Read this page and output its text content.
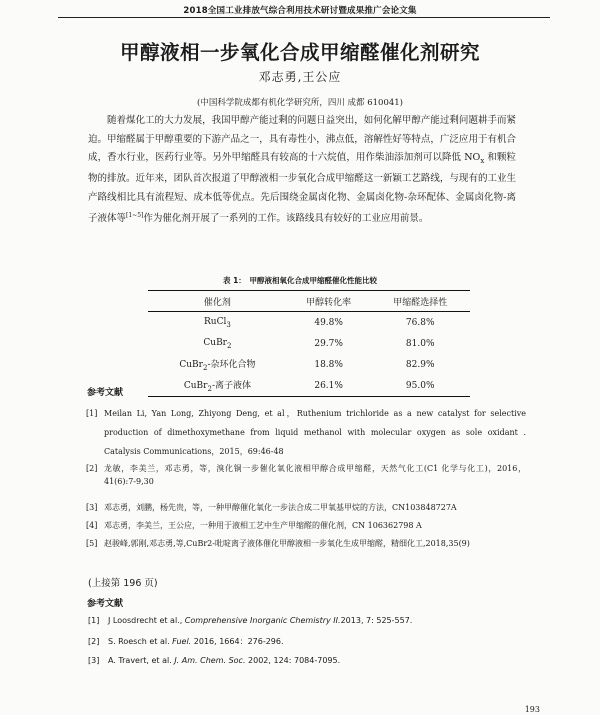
2018全国工业排放气综合利用技术研讨暨成果推广会论文集
甲醇液相一步氧化合成甲缩醛催化剂研究
邓志勇,王公应
(中国科学院成都有机化学研究所，四川 成都 610041)

随着煤化工的大力发展，我国甲醇产能过剩的问题日益突出，如何化解甲醇产能过剩问题耕手而紧迫。甲缩醛属于甲醇重要的下游产品之一，具有毒性小，沸点低，溶解性好等特点，广泛应用于有机合成，香水行业，医药行业等。另外甲缩醛具有较高的十六烷值，用作柴油添加剂可以降低 $NO_x$ 和颗粒物的排放。近年来，团队首次报道了甲醇液相一步氧化合成甲缩醛这一新颖工艺路线，与现有的工业生产路线相比具有流程短、成本低等优点。先后围绕金属卤化物、金属卤化物-杂环配体、金属卤化物-离子液体等[1~5]作为催化剂开展了一系列的工作。该路线具有较好的工业应用前景。

表 1：　甲醇液相氧化合成甲缩醛催化性能比较
催化剂	甲醇转化率	甲缩醛选择性
RuCl$_3$	49.8%	76.8%
CuBr$_2$	29.7%	81.0%
CuBr$_2$-杂环化合物	18.8%	82.9%
CuBr$_2$-离子液体	26.1%	95.0%
参考文献
[1] Meilan Li, Yan Long, Zhiyong Deng, et al，Ruthenium trichloride as a new catalyst for selective production of dimethoxymethane from liquid methanol with molecular oxygen as sole oxidant . Catalysis Communications，2015，69:46-48
[2] 龙敏，李美兰，邓志勇，等，溴化铜一步催化氧化液相甲醇合成甲缩醛，天然气化工(C1 化学与化工)，2016，41(6):7-9,30
[3] 邓志勇，刘鹏，杨先贵，等，一种甲醇催化氧化一步法合成二甲氧基甲烷的方法，CN103848727A
[4] 邓志勇，李美兰，王公应，一种用于液相工艺中生产甲缩醛的催化剂，CN 106362798 A
[5] 赵骏峰,郭刚,邓志勇,等,CuBr2-吡啶离子液体催化甲醇液相一步氧化生成甲缩醛，精细化工,2018,35(9)
(上接第 196 页)
参考文献
[1] J Loosdrecht et al., Comprehensive Inorganic Chemistry II.2013, 7: 525-557.
[2] S. Roesch et al. Fuel. 2016, 1664：276-296.
[3] A. Travert, et al. J. Am. Chem. Soc. 2002, 124: 7084-7095.
193
